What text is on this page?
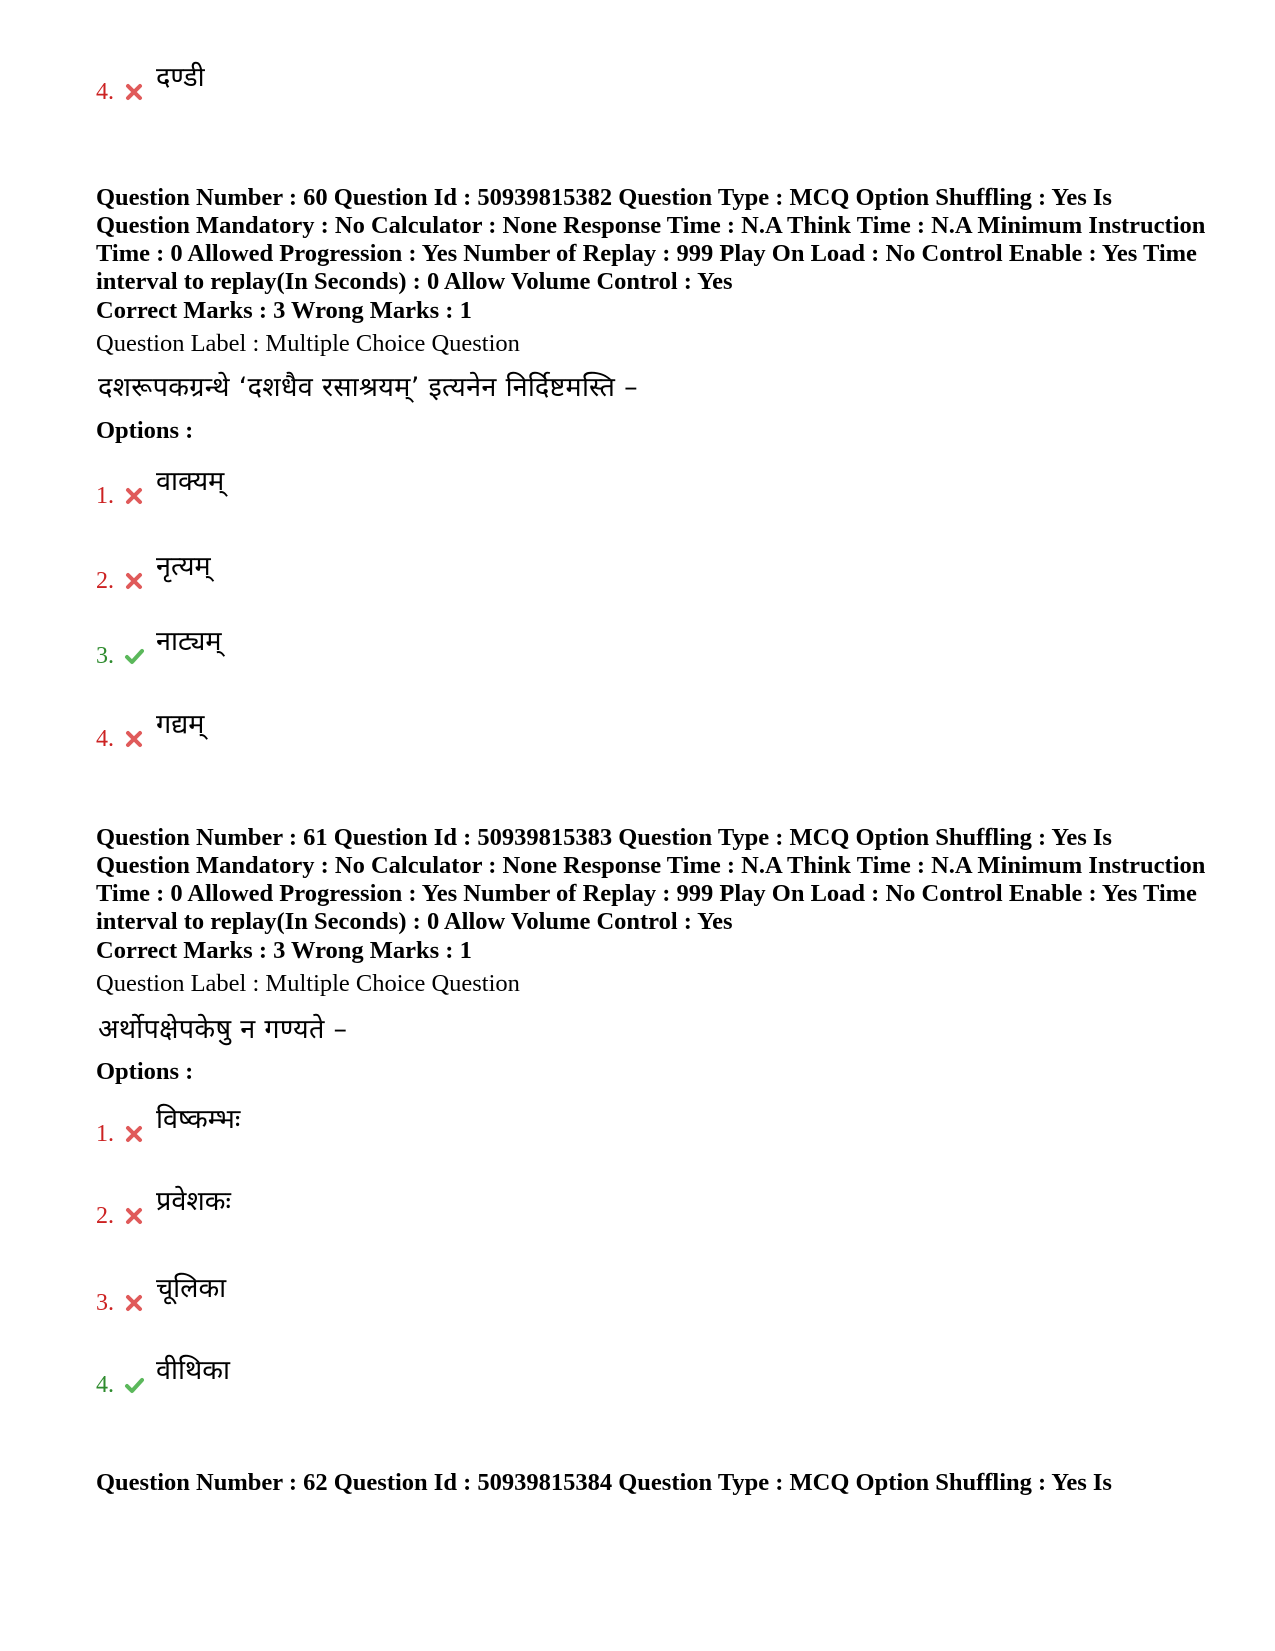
4. दण्डी
Question Number : 60 Question Id : 50939815382 Question Type : MCQ Option Shuffling : Yes Is Question Mandatory : No Calculator : None Response Time : N.A Think Time : N.A Minimum Instruction Time : 0 Allowed Progression : Yes Number of Replay : 999 Play On Load : No Control Enable : Yes Time interval to replay(In Seconds) : 0 Allow Volume Control : Yes
Correct Marks : 3 Wrong Marks : 1
Question Label : Multiple Choice Question
दशरूपकग्रन्थे ‘दशधैव रसाश्रयम्’ इत्यनेन निर्दिष्टमस्ति –
Options :
1. वाक्यम्
2. नृत्यम्
3. नाट्यम्
4. गद्यम्
Question Number : 61 Question Id : 50939815383 Question Type : MCQ Option Shuffling : Yes Is Question Mandatory : No Calculator : None Response Time : N.A Think Time : N.A Minimum Instruction Time : 0 Allowed Progression : Yes Number of Replay : 999 Play On Load : No Control Enable : Yes Time interval to replay(In Seconds) : 0 Allow Volume Control : Yes
Correct Marks : 3 Wrong Marks : 1
Question Label : Multiple Choice Question
अर्थोपक्षेपकेषु न गण्यते –
Options :
1. विष्कम्भः
2. प्रवेशकः
3. चूलिका
4. वीथिका
Question Number : 62 Question Id : 50939815384 Question Type : MCQ Option Shuffling : Yes Is
